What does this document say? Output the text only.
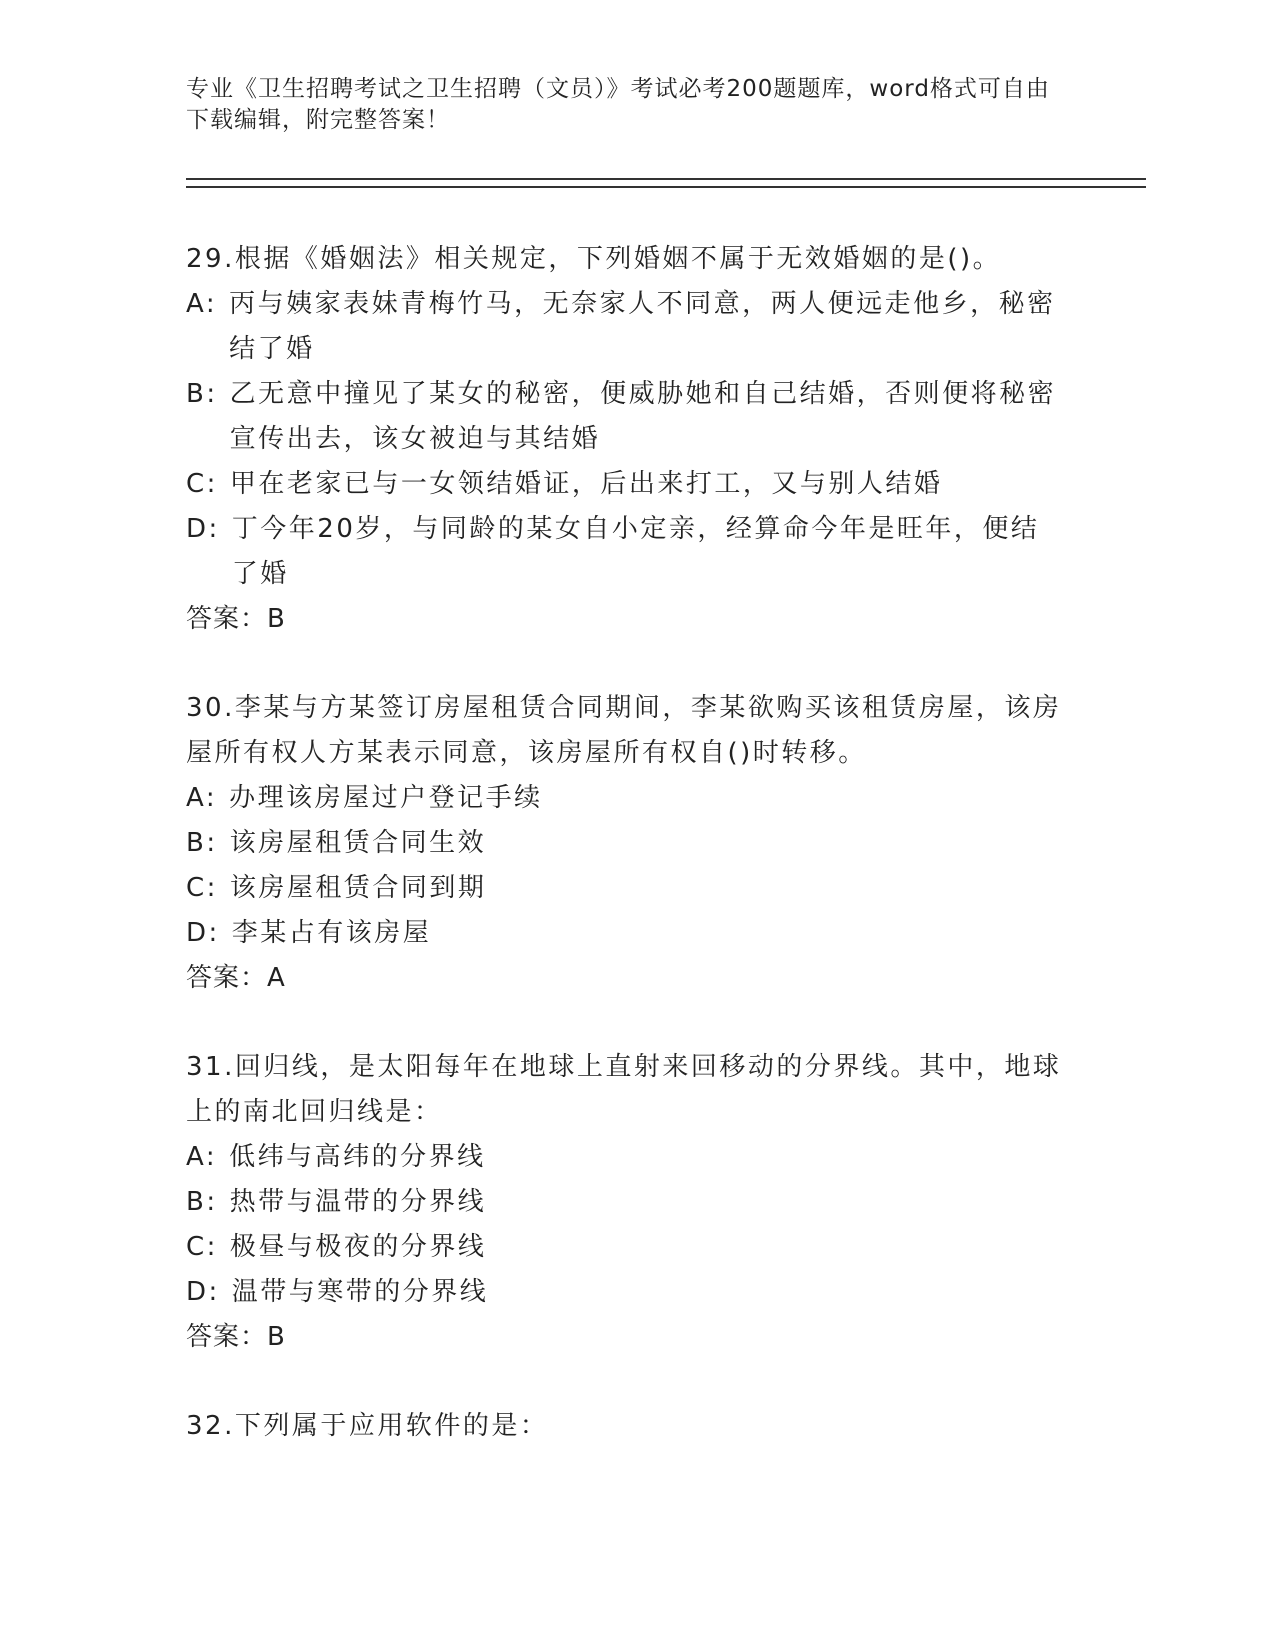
专业《卫生招聘考试之卫生招聘（文员）》考试必考200题题库，word格式可自由下载编辑，附完整答案！
29.根据《婚姻法》相关规定，下列婚姻不属于无效婚姻的是()。
A: 丙与姨家表妹青梅竹马，无奈家人不同意，两人便远走他乡，秘密结了婚
B: 乙无意中撞见了某女的秘密，便威胁她和自己结婚，否则便将秘密宣传出去，该女被迫与其结婚
C: 甲在老家已与一女领结婚证，后出来打工，又与别人结婚
D: 丁今年20岁，与同龄的某女自小定亲，经算命今年是旺年，便结了婚
答案：B
30.李某与方某签订房屋租赁合同期间，李某欲购买该租赁房屋，该房屋所有权人方某表示同意，该房屋所有权自()时转移。
A: 办理该房屋过户登记手续
B: 该房屋租赁合同生效
C: 该房屋租赁合同到期
D: 李某占有该房屋
答案：A
31.回归线，是太阳每年在地球上直射来回移动的分界线。其中，地球上的南北回归线是：
A: 低纬与高纬的分界线
B: 热带与温带的分界线
C: 极昼与极夜的分界线
D: 温带与寒带的分界线
答案：B
32.下列属于应用软件的是：
